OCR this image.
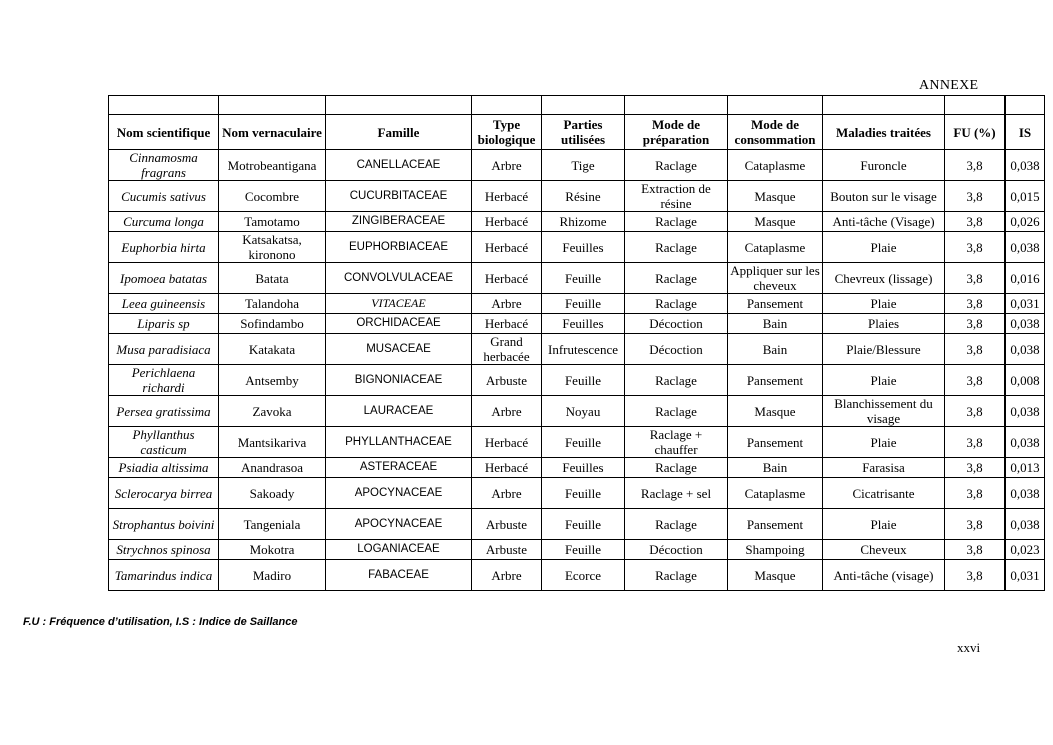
ANNEXE

Nom scientifique	Nom vernaculaire	Famille	Type biologique	Parties utilisées	Mode de préparation	Mode de consommation	Maladies traitées	FU (%)		IS
Cinnamosma fragrans	Motrobeantigana	CANELLACEAE	Arbre	Tige	Raclage	Cataplasme	Furoncle	3,8		0,038
Cucumis sativus	Cocombre	CUCURBITACEAE	Herbacé	Résine	Extraction de résine	Masque	Bouton sur le visage	3,8		0,015
Curcuma longa	Tamotamo	ZINGIBERACEAE	Herbacé	Rhizome	Raclage	Masque	Anti-tâche (Visage)	3,8		0,026
Euphorbia hirta	Katsakatsa, kironono	EUPHORBIACEAE	Herbacé	Feuilles	Raclage	Cataplasme	Plaie	3,8		0,038
Ipomoea batatas	Batata	CONVOLVULACEAE	Herbacé	Feuille	Raclage	Appliquer sur les cheveux	Chevreux (lissage)	3,8		0,016
Leea guineensis	Talandoha	VITACEAE	Arbre	Feuille	Raclage	Pansement	Plaie	3,8		0,031
Liparis sp	Sofindambo	ORCHIDACEAE	Herbacé	Feuilles	Décoction	Bain	Plaies	3,8		0,038
Musa paradisiaca	Katakata	MUSACEAE	Grand herbacée	Infrutescence	Décoction	Bain	Plaie/Blessure	3,8		0,038
Perichlaena richardi	Antsemby	BIGNONIACEAE	Arbuste	Feuille	Raclage	Pansement	Plaie	3,8		0,008
Persea gratissima	Zavoka	LAURACEAE	Arbre	Noyau	Raclage	Masque	Blanchissement du visage	3,8		0,038
Phyllanthus casticum	Mantsikariva	PHYLLANTHACEAE	Herbacé	Feuille	Raclage + chauffer	Pansement	Plaie	3,8		0,038
Psiadia altissima	Anandrasoa	ASTERACEAE	Herbacé	Feuilles	Raclage	Bain	Farasisa	3,8		0,013
Sclerocarya birrea	Sakoady	APOCYNACEAE	Arbre	Feuille	Raclage + sel	Cataplasme	Cicatrisante	3,8		0,038
Strophantus boivini	Tangeniala	APOCYNACEAE	Arbuste	Feuille	Raclage	Pansement	Plaie	3,8		0,038
Strychnos spinosa	Mokotra	LOGANIACEAE	Arbuste	Feuille	Décoction	Shampoing	Cheveux	3,8		0,023
Tamarindus indica	Madiro	FABACEAE	Arbre	Ecorce	Raclage	Masque	Anti-tâche (visage)	3,8		0,031
F.U : Fréquence d’utilisation, I.S : Indice de Saillance
xxvi
